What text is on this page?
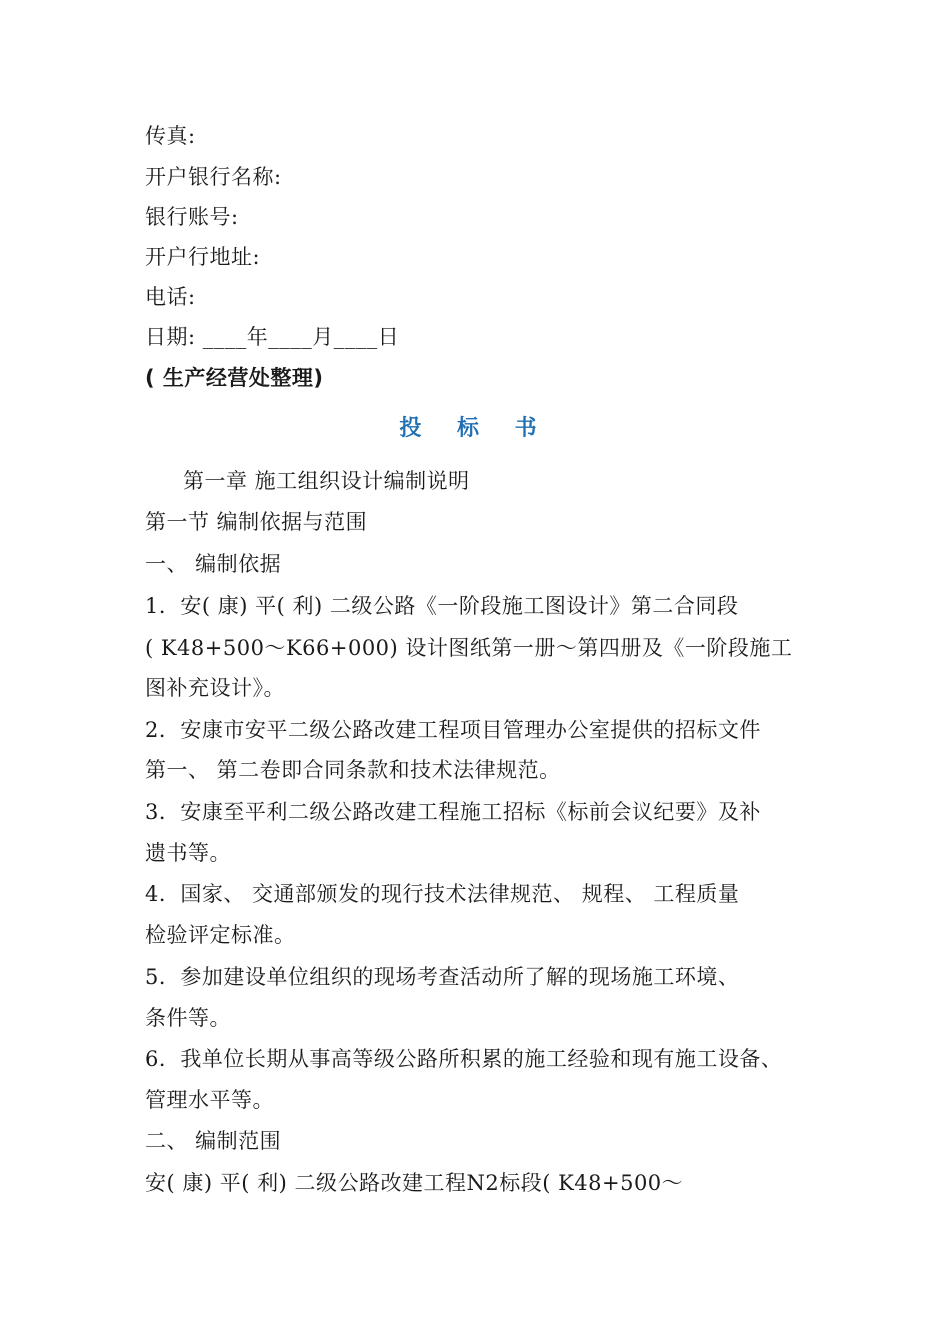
传真:
开户银行名称:
银行账号:
开户行地址:
电话:
日期: ____年____月____日
( 生产经营处整理)
投 标 书
第一章 施工组织设计编制说明
第一节 编制依据与范围
一、 编制依据
1．安( 康) 平( 利) 二级公路《一阶段施工图设计》第二合同段
( K48+500～K66+000) 设计图纸第一册～第四册及《一阶段施工
图补充设计》。
2．安康市安平二级公路改建工程项目管理办公室提供的招标文件
第一、 第二卷即合同条款和技术法律规范。
3．安康至平利二级公路改建工程施工招标《标前会议纪要》及补
遗书等。
4．国家、 交通部颁发的现行技术法律规范、 规程、 工程质量
检验评定标准。
5．参加建设单位组织的现场考查活动所了解的现场施工环境、
条件等。
6．我单位长期从事高等级公路所积累的施工经验和现有施工设备、
管理水平等。
二、 编制范围
安( 康) 平( 利) 二级公路改建工程N2标段( K48+500～
